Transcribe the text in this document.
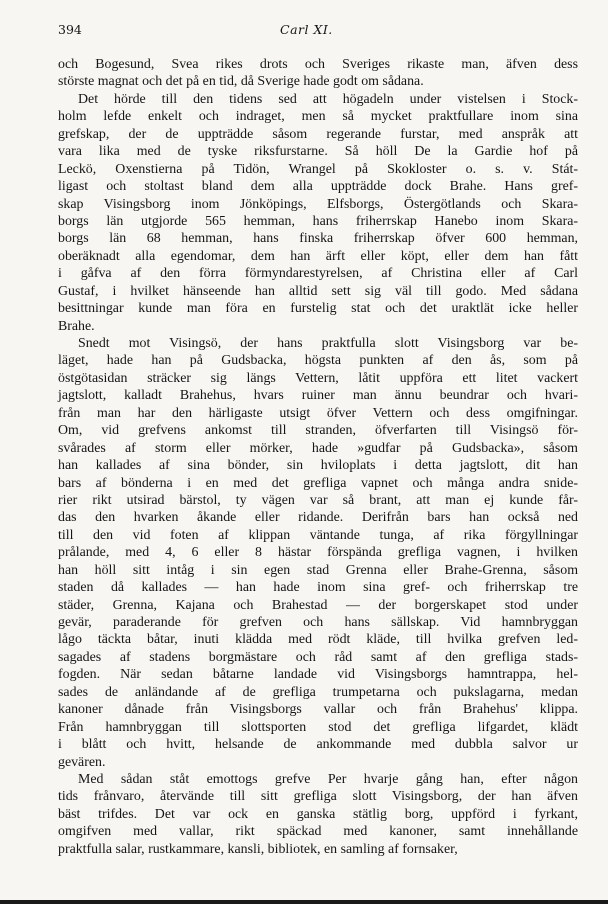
394	Carl XI.
och Bogesund, Svea rikes drots och Sveriges rikaste man, äfven dess
störste magnat och det på en tid, då Sverige hade godt om sådana.
Det hörde till den tidens sed att högadeln under vistelsen i Stock-
holm lefde enkelt och indraget, men så mycket praktfullare inom sina
grefskap, der de uppträdde såsom regerande furstar, med anspråk att
vara lika med de tyske riksfurstarne. Så höll De la Gardie hof på
Leckö, Oxenstierna på Tidön, Wrangel på Skokloster o. s. v. Stát-
ligast och stoltast bland dem alla uppträdde dock Brahe. Hans gref-
skap Visingsborg inom Jönköpings, Elfsborgs, Östergötlands och Skara-
borgs län utgjorde 565 hemman, hans friherrskap Hanebo inom Skara-
borgs län 68 hemman, hans finska friherrskap öfver 600 hemman,
oberäknadt alla egendomar, dem han ärft eller köpt, eller dem han fått
i gåfva af den förra förmyndarestyrelsen, af Christina eller af Carl
Gustaf, i hvilket hänseende han alltid sett sig väl till godo. Med sådana
besittningar kunde man föra en furstelig stat och det uraktlät icke heller
Brahe.
Snedt mot Visingsö, der hans praktfulla slott Visingsborg var be-
läget, hade han på Gudsbacka, högsta punkten af den ås, som på
östgötasidan sträcker sig längs Vettern, låtit uppföra ett litet vackert
jagtslott, kalladt Brahehus, hvars ruiner man ännu beundrar och hvari-
från man har den härligaste utsigt öfver Vettern och dess omgifningar.
Om, vid grefvens ankomst till stranden, öfverfarten till Visingsö för-
svårades af storm eller mörker, hade »gudfar på Gudsbacka», såsom
han kallades af sina bönder, sin hviloplats i detta jagtslott, dit han
bars af bönderna i en med det grefliga vapnet och många andra snide-
rier rikt utsirad bärstol, ty vägen var så brant, att man ej kunde får-
das den hvarken åkande eller ridande. Derifrån bars han också ned
till den vid foten af klippan väntande tunga, af rika förgyllningar
prålande, med 4, 6 eller 8 hästar förspända grefliga vagnen, i hvilken
han höll sitt intåg i sin egen stad Grenna eller Brahe-Grenna, såsom
staden då kallades — han hade inom sina gref- och friherrskap tre
städer, Grenna, Kajana och Brahestad — der borgerskapet stod under
gevär, paraderande för grefven och hans sällskap. Vid hamnbryggan
lågo täckta båtar, inuti klädda med rödt kläde, till hvilka grefven led-
sagades af stadens borgmästare och råd samt af den grefliga stads-
fogden. När sedan båtarne landade vid Visingsborgs hamntrappa, hel-
sades de anländande af de grefliga trumpetarna och pukslagarna, medan
kanoner dånade från Visingsborgs vallar och från Brahehus' klippa.
Från hamnbryggan till slottsporten stod det grefliga lifgardet, klädt
i blått och hvitt, helsande de ankommande med dubbla salvor ur
gevären.
Med sådan ståt emottogs grefve Per hvarje gång han, efter någon
tids frånvaro, återvände till sitt grefliga slott Visingsborg, der han äfven
bäst trifdes. Det var ock en ganska stätlig borg, uppförd i fyrkant,
omgifven med vallar, rikt späckad med kanoner, samt innehållande
praktfulla salar, rustkammare, kansli, bibliotek, en samling af fornsaker,
